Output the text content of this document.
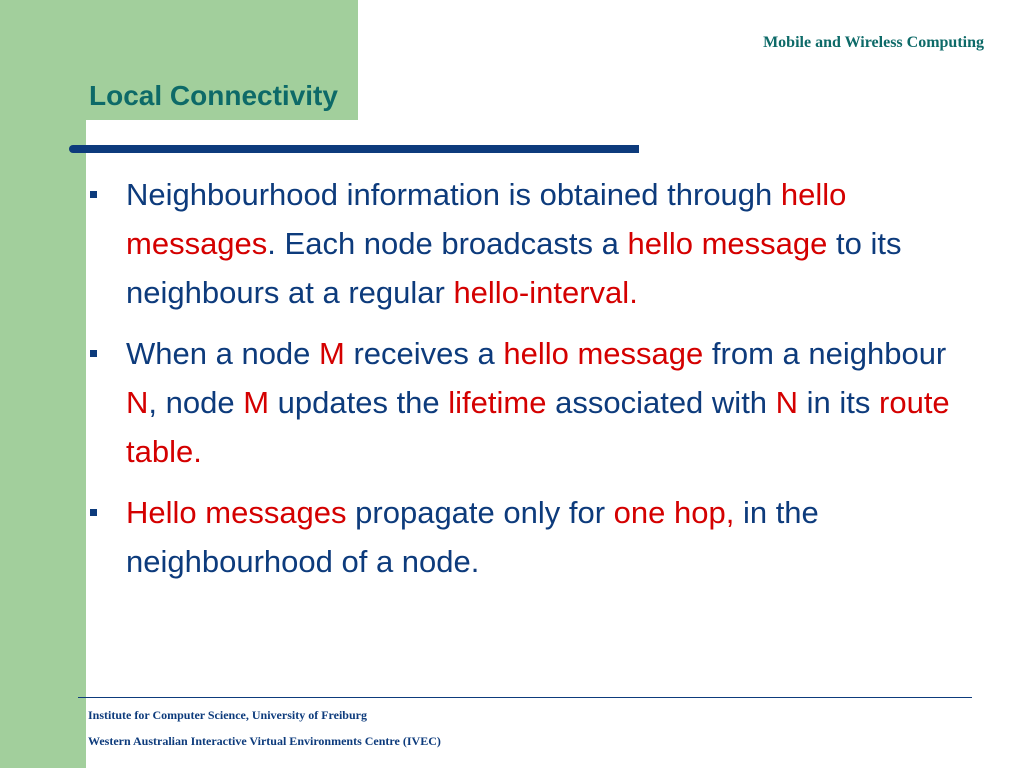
Mobile and Wireless Computing
Local Connectivity
Neighbourhood information is obtained through hello messages. Each node broadcasts a hello message to its neighbours at a regular hello-interval.
When a node M receives a hello message from a neighbour N, node M updates the lifetime associated with N in its route table.
Hello messages propagate only for one hop, in the neighbourhood of a node.
Institute for Computer Science, University of Freiburg
Western Australian Interactive Virtual Environments Centre (IVEC)
